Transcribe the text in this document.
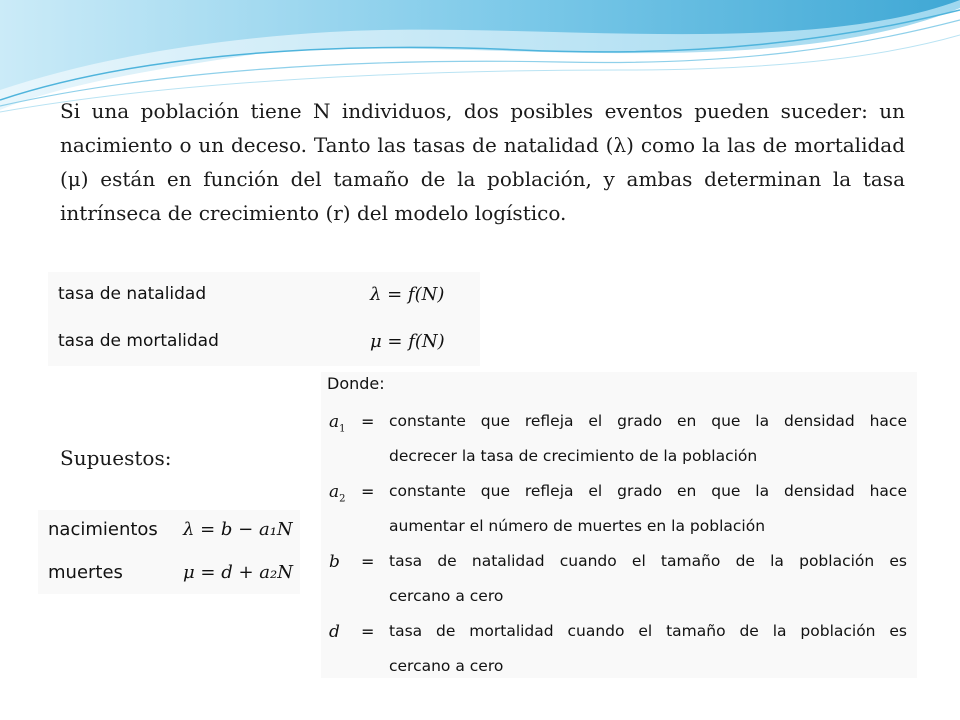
Si una población tiene N individuos, dos posibles eventos pueden suceder: un nacimiento o un deceso. Tanto las tasas de natalidad (λ) como la las de mortalidad (μ) están en función del tamaño de la población, y ambas determinan la tasa intrínseca de crecimiento (r) del modelo logístico.

tasa de natalidad	λ = f(N)
tasa de mortalidad	μ = f(N)
Supuestos:
nacimientos λ = b − a₁N
muertes	μ = d + a₂N
Donde:
$a_1$ = constante que refleja el grado en que la densidad hace
decrecer la tasa de crecimiento de la población
$a_2$ = constante que refleja el grado en que la densidad hace
aumentar el número de muertes en la población
b = tasa de natalidad cuando el tamaño de la población es
cercano a cero
d = tasa de mortalidad cuando el tamaño de la población es
cercano a cero
